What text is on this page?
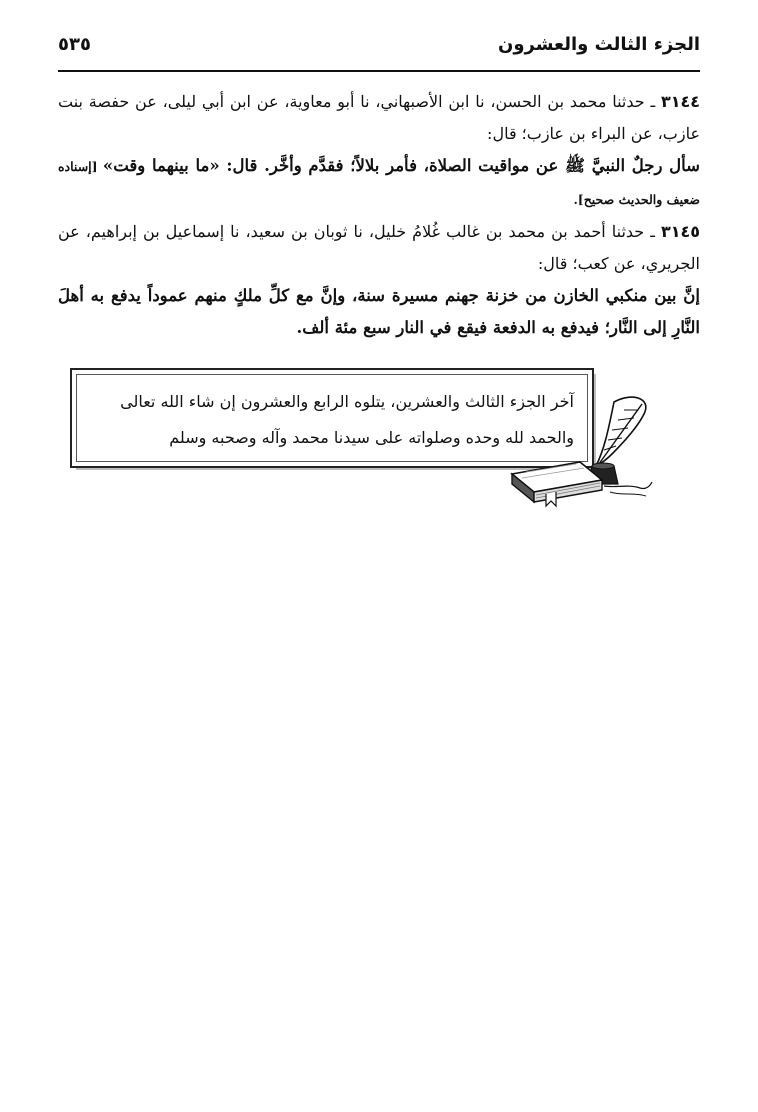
الجزء الثالث والعشرون
٥٣٥

٣١٤٤ ـ حدثنا محمد بن الحسن، نا ابن الأصبهاني، نا أبو معاوية، عن ابن أبي ليلى، عن حفصة بنت عازب، عن البراء بن عازب؛ قال:

سأل رجلٌ النبيَّ ﷺ عن مواقيت الصلاة، فأمر بلالاً؛ فقدَّم وأخَّر. قال: «ما بينهما وقت» [إسناده ضعيف والحديث صحيح].

٣١٤٥ ـ حدثنا أحمد بن محمد بن غالب غُلامُ خليل، نا ثوبان بن سعيد، نا إسماعيل بن إبراهيم، عن الجريري، عن كعب؛ قال:

إنَّ بين منكبي الخازن من خزنة جهنم مسيرة سنة، وإنَّ مع كلِّ ملكٍ منهم عموداً يدفع به أهلَ النَّارِ إلى النَّار؛ فيدفع به الدفعة فيقع في النار سبع مئة ألف.

آخر الجزء الثالث والعشرين، يتلوه الرابع والعشرون إن شاء الله تعالى
والحمد لله وحده وصلواته على سيدنا محمد وآله وصحبه وسلم
